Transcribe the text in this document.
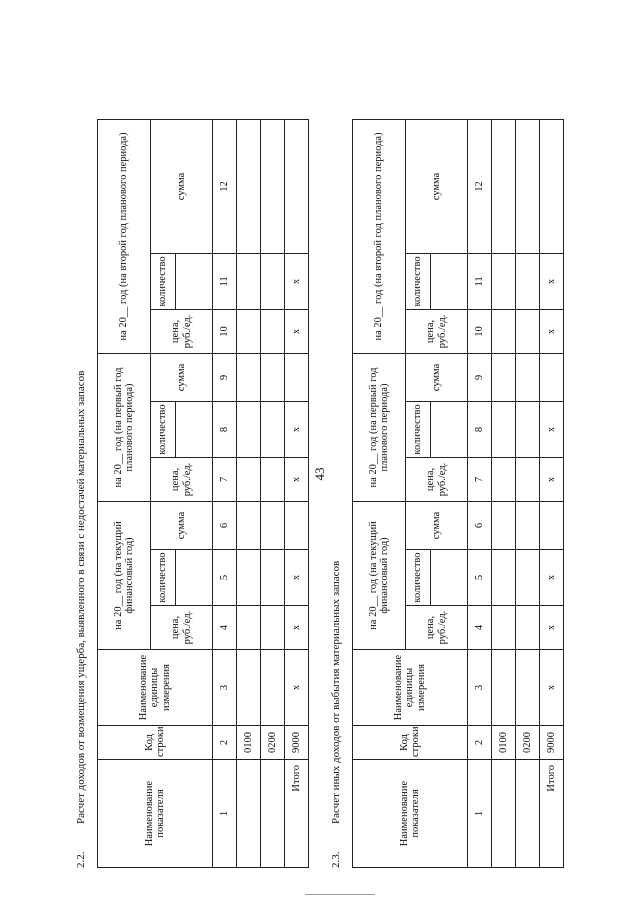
43
2.2.Расчет доходов от возмещения ущерба, выявленного в связи с недостачей материальных запасов	Наименование показателя	Код строки	Наименование единицы измерения	на 20__ год (на текущий финансовый год)			на 20__ год (на первый год планового периода)			на 20__ год (на второй год планового периода)		
			цена, руб./ед.	количество	сумма	цена, руб./ед.	количество	сумма	цена, руб./ед.	количество	сумма

1	2	3	4	5	6	7	8	9	10	11	12
	0100										
	0200										
Итого	9000	x	x	x		x	x		x	x	
2.3.Расчет иных доходов от выбытия материальных запасов	Наименование показателя	Код строки	Наименование единицы измерения	на 20__ год (на текущий финансовый год)			на 20__ год (на первый год планового периода)			на 20__ год (на второй год планового периода)		
			цена, руб./ед.	количество	сумма	цена, руб./ед.	количество	сумма	цена, руб./ед.	количество	сумма

1	2	3	4	5	6	7	8	9	10	11	12
	0100										
	0200										
Итого	9000	x	x	x		x	x		x	x	
